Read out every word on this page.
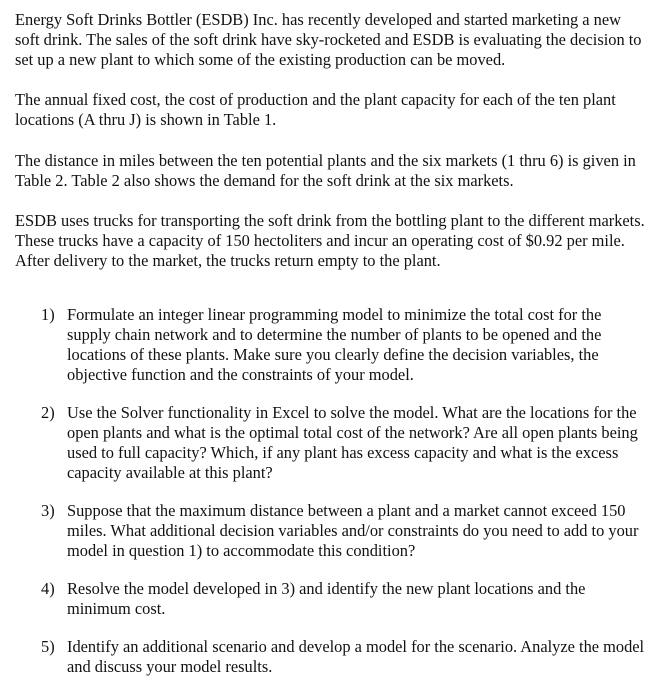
Energy Soft Drinks Bottler (ESDB) Inc. has recently developed and started marketing a new soft drink. The sales of the soft drink have sky-rocketed and ESDB is evaluating the decision to set up a new plant to which some of the existing production can be moved.

The annual fixed cost, the cost of production and the plant capacity for each of the ten plant locations (A thru J) is shown in Table 1.

The distance in miles between the ten potential plants and the six markets (1 thru 6) is given in Table 2. Table 2 also shows the demand for the soft drink at the six markets.

ESDB uses trucks for transporting the soft drink from the bottling plant to the different markets. These trucks have a capacity of 150 hectoliters and incur an operating cost of $0.92 per mile. After delivery to the market, the trucks return empty to the plant.

1) Formulate an integer linear programming model to minimize the total cost for the supply chain network and to determine the number of plants to be opened and the locations of these plants. Make sure you clearly define the decision variables, the objective function and the constraints of your model.
2) Use the Solver functionality in Excel to solve the model. What are the locations for the open plants and what is the optimal total cost of the network? Are all open plants being used to full capacity? Which, if any plant has excess capacity and what is the excess capacity available at this plant?
3) Suppose that the maximum distance between a plant and a market cannot exceed 150 miles. What additional decision variables and/or constraints do you need to add to your model in question 1) to accommodate this condition?
4) Resolve the model developed in 3) and identify the new plant locations and the minimum cost.
5) Identify an additional scenario and develop a model for the scenario. Analyze the model and discuss your model results.
